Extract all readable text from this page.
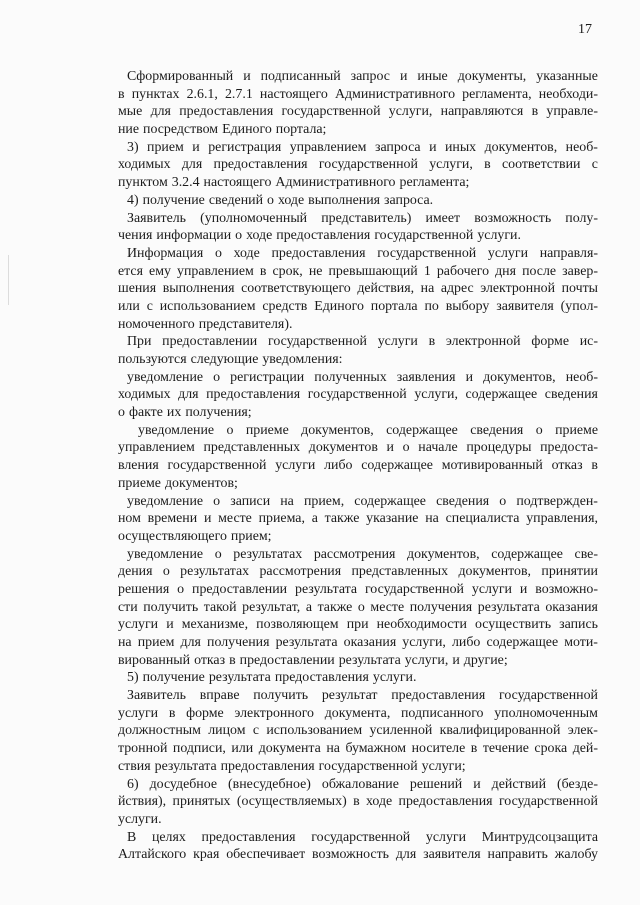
17
Сформированный и подписанный запрос и иные документы, указанные
в пунктах 2.6.1, 2.7.1 настоящего Административного регламента, необходи-
мые для предоставления государственной услуги, направляются в управле-
ние посредством Единого портала;
3) прием и регистрация управлением запроса и иных документов, необ-
ходимых для предоставления государственной услуги, в соответствии с
пунктом 3.2.4 настоящего Административного регламента;
4) получение сведений о ходе выполнения запроса.
Заявитель (уполномоченный представитель) имеет возможность полу-
чения информации о ходе предоставления государственной услуги.
Информация о ходе предоставления государственной услуги направля-
ется ему управлением в срок, не превышающий 1 рабочего дня после завер-
шения выполнения соответствующего действия, на адрес электронной почты
или с использованием средств Единого портала по выбору заявителя (упол-
номоченного представителя).
При предоставлении государственной услуги в электронной форме ис-
пользуются следующие уведомления:
уведомление о регистрации полученных заявления и документов, необ-
ходимых для предоставления государственной услуги, содержащее сведения
о факте их получения;
уведомление о приеме документов, содержащее сведения о приеме
управлением представленных документов и о начале процедуры предоста-
вления государственной услуги либо содержащее мотивированный отказ в
приеме документов;
уведомление о записи на прием, содержащее сведения о подтвержден-
ном времени и месте приема, а также указание на специалиста управления,
осуществляющего прием;
уведомление о результатах рассмотрения документов, содержащее све-
дения о результатах рассмотрения представленных документов, принятии
решения о предоставлении результата государственной услуги и возможно-
сти получить такой результат, а также о месте получения результата оказания
услуги и механизме, позволяющем при необходимости осуществить запись
на прием для получения результата оказания услуги, либо содержащее моти-
вированный отказ в предоставлении результата услуги, и другие;
5) получение результата предоставления услуги.
Заявитель вправе получить результат предоставления государственной
услуги в форме электронного документа, подписанного уполномоченным
должностным лицом с использованием усиленной квалифицированной элек-
тронной подписи, или документа на бумажном носителе в течение срока дей-
ствия результата предоставления государственной услуги;
6) досудебное (внесудебное) обжалование решений и действий (безде-
йствия), принятых (осуществляемых) в ходе предоставления государственной
услуги.
В целях предоставления государственной услуги Минтрудсоцзащита
Алтайского края обеспечивает возможность для заявителя направить жалобу
